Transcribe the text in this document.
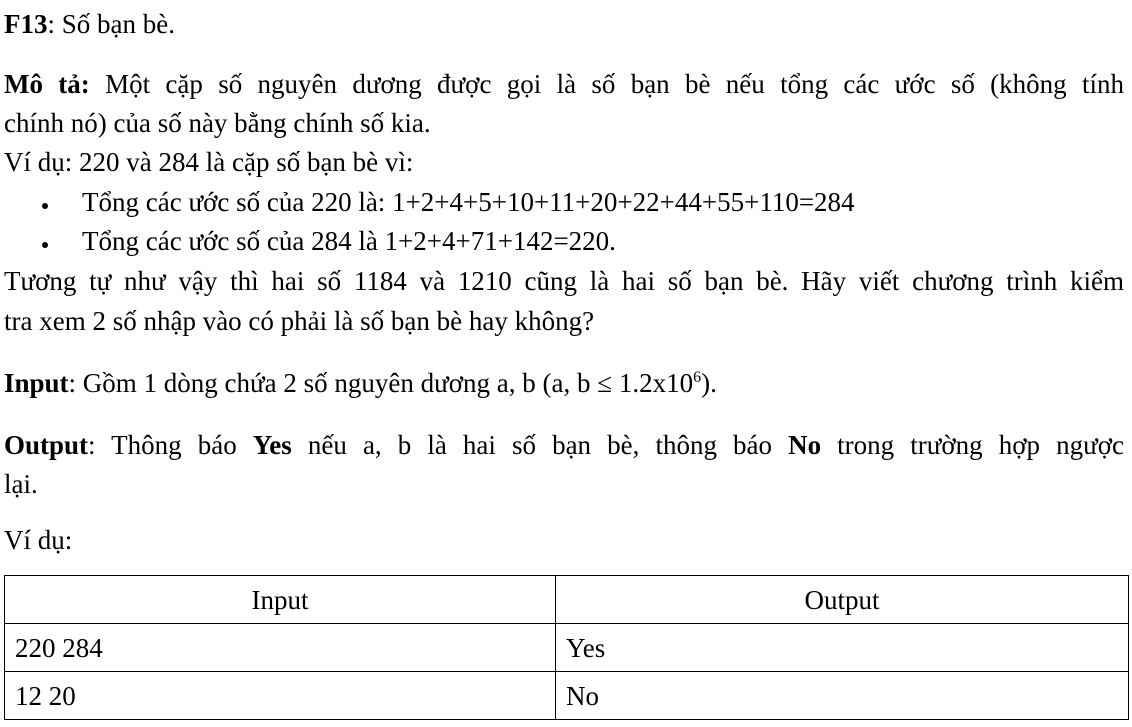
F13: Số bạn bè.
Mô tả: Một cặp số nguyên dương được gọi là số bạn bè nếu tổng các ước số (không tính
chính nó) của số này bằng chính số kia.
Ví dụ: 220 và 284 là cặp số bạn bè vì:
Tổng các ước số của 220 là: 1+2+4+5+10+11+20+22+44+55+110=284
Tổng các ước số của 284 là 1+2+4+71+142=220.
Tương tự như vậy thì hai số 1184 và 1210 cũng là hai số bạn bè. Hãy viết chương trình kiểm
tra xem 2 số nhập vào có phải là số bạn bè hay không?
Input: Gồm 1 dòng chứa 2 số nguyên dương a, b (a, $b \le 1.2x10^6$).
Output: Thông báo Yes nếu a, b là hai số bạn bè, thông báo No trong trường hợp ngược
lại.
Ví dụ:
Input	Output
220 284	Yes
12 20	No
